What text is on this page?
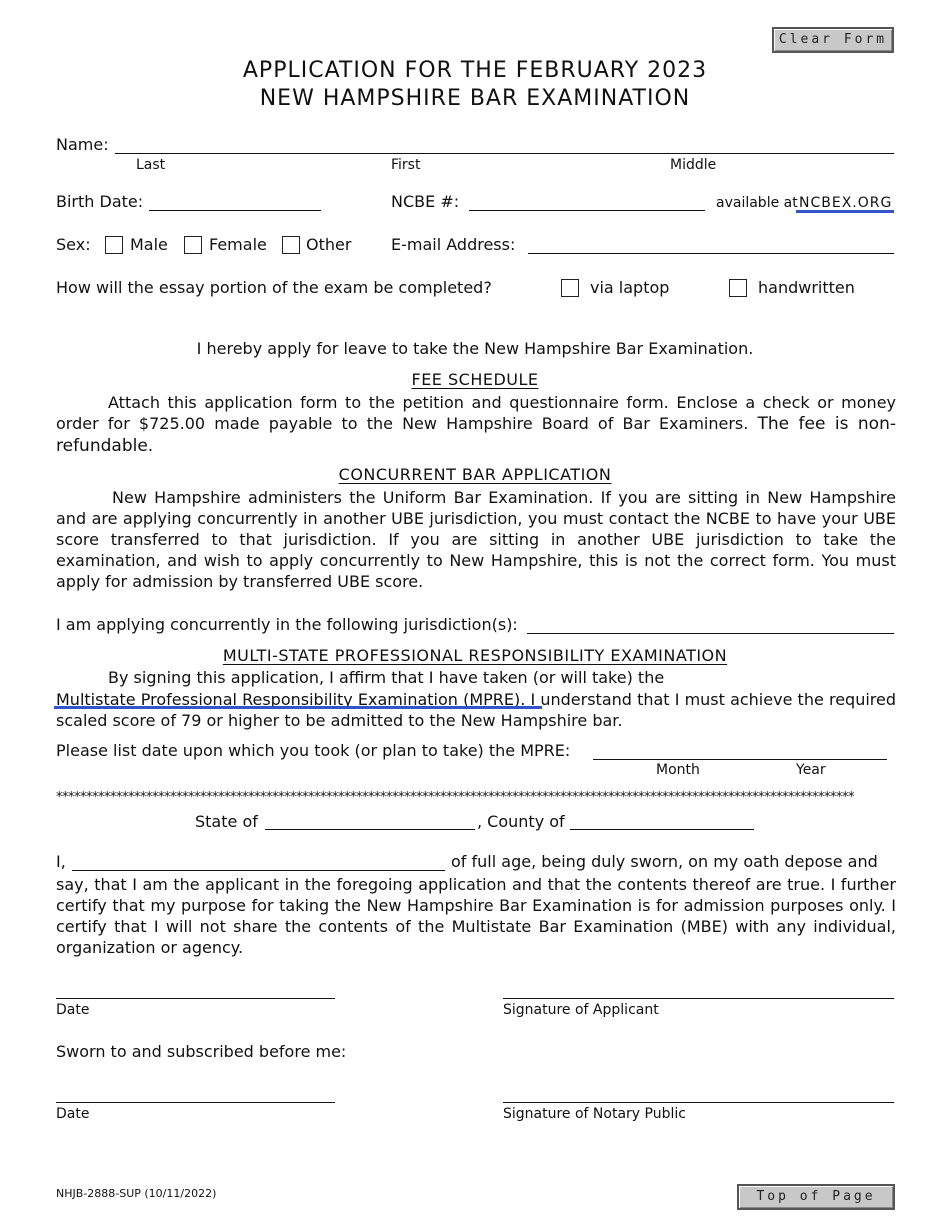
Clear Form
APPLICATION FOR THE FEBRUARY 2023
NEW HAMPSHIRE BAR EXAMINATION
Name:
Last	First	Middle
Birth Date:	NCBE #:	available at NCBEX.ORG
Sex: Male	Female Other E-mail Address:
How will the essay portion of the exam be completed?	via laptop	handwritten
I hereby apply for leave to take the New Hampshire Bar Examination.
FEE SCHEDULE
Attach this application form to the petition and questionnaire form. Enclose a check or money order for $725.00 made payable to the New Hampshire Board of Bar Examiners. The fee is non-refundable.
CONCURRENT BAR APPLICATION
New Hampshire administers the Uniform Bar Examination. If you are sitting in New Hampshire and are applying concurrently in another UBE jurisdiction, you must contact the NCBE to have your UBE score transferred to that jurisdiction. If you are sitting in another UBE jurisdiction to take the examination, and wish to apply concurrently to New Hampshire, this is not the correct form. You must apply for admission by transferred UBE score.
I am applying concurrently in the following jurisdiction(s):
MULTI-STATE PROFESSIONAL RESPONSIBILITY EXAMINATION
By signing this application, I affirm that I have taken (or will take) the
Multistate Professional Responsibility Examination (MPRE). I understand that I must achieve the required scaled score of 79 or higher to be admitted to the New Hampshire bar.
Please list date upon which you took (or plan to take) the MPRE:
Month	Year
*************************************************************************************************************************************
State of	, County of
I,	of full age, being duly sworn, on my oath depose and
say, that I am the applicant in the foregoing application and that the contents thereof are true. I further certify that my purpose for taking the New Hampshire Bar Examination is for admission purposes only. I certify that I will not share the contents of the Multistate Bar Examination (MBE) with any individual, organization or agency.
Date	Signature of Applicant
Sworn to and subscribed before me:
Date	Signature of Notary Public
NHJB-2888-SUP (10/11/2022)	Top of Page
